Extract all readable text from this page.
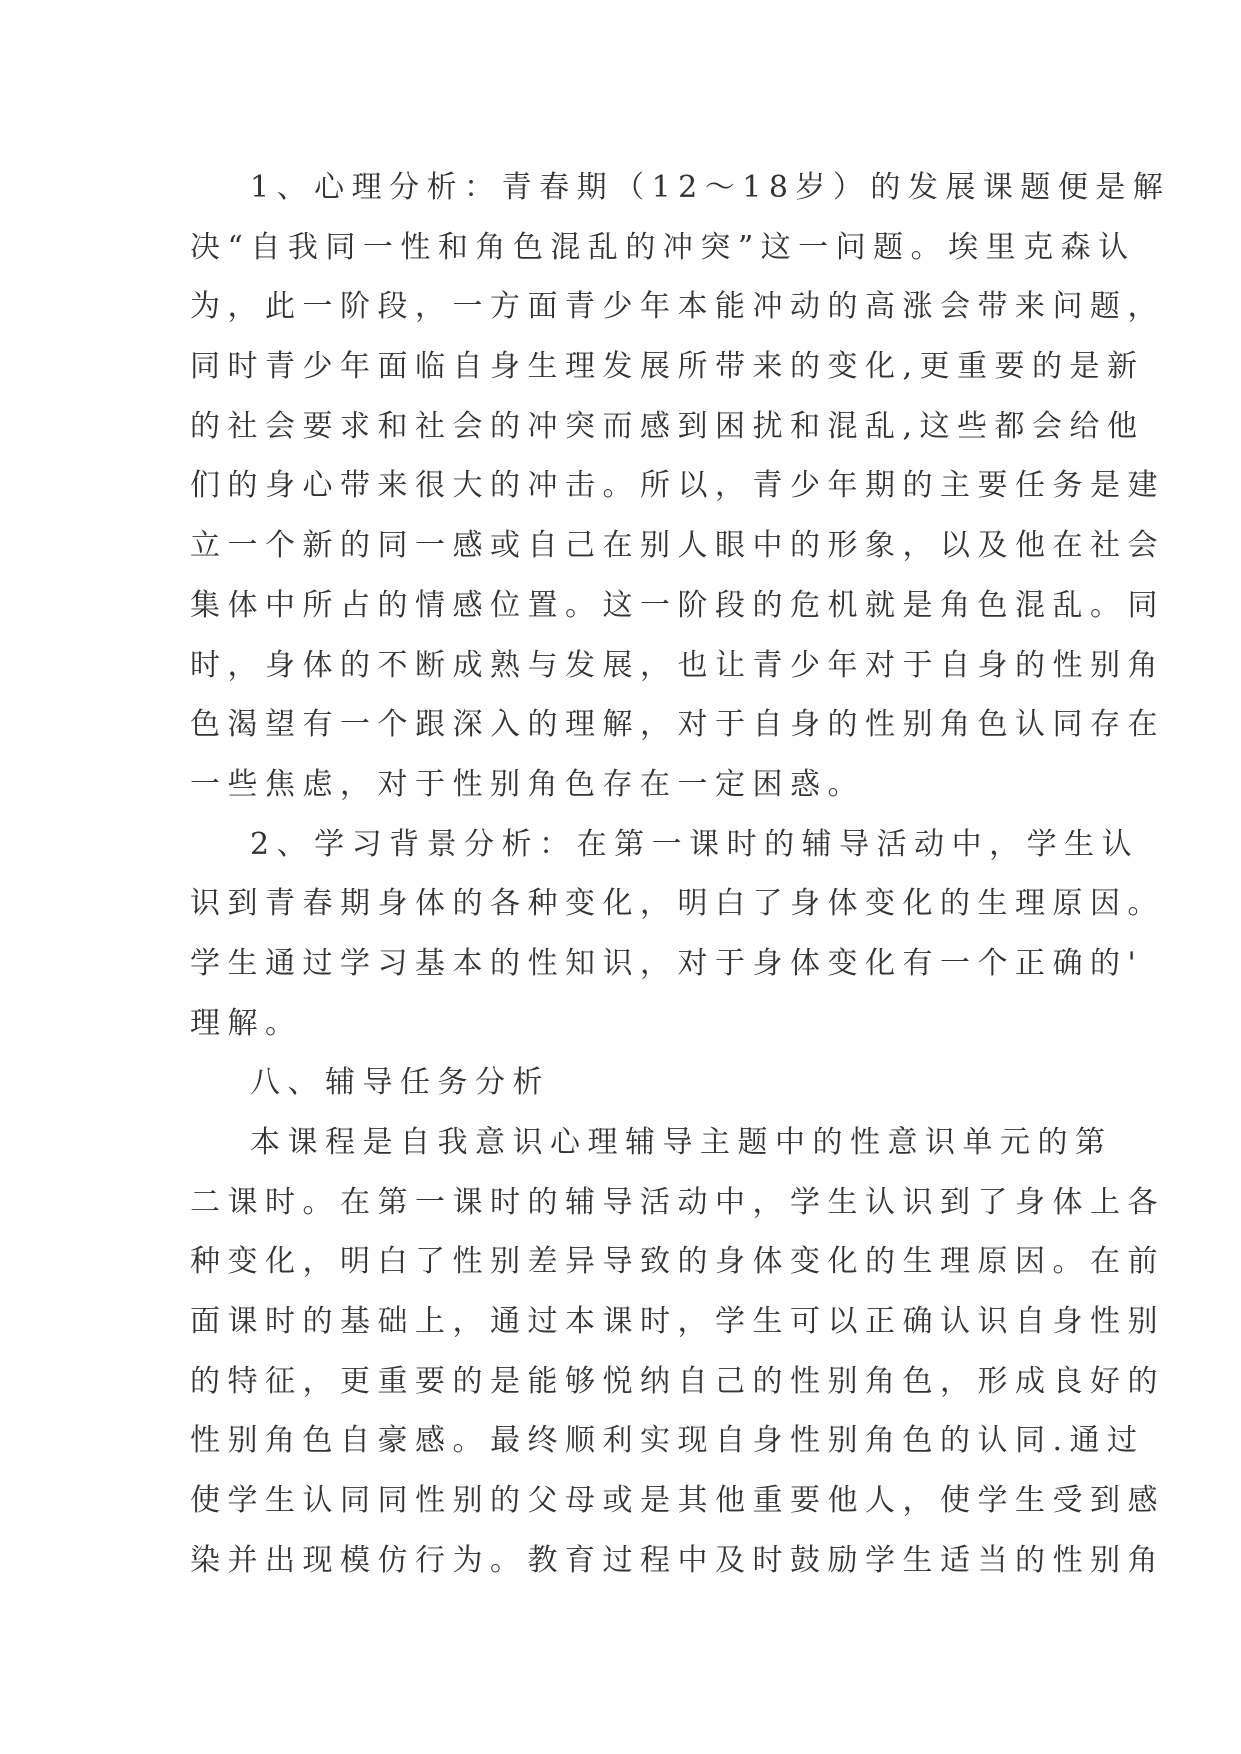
1、心理分析：青春期（12～18岁）的发展课题便是解
决“自我同一性和角色混乱的冲突”这一问题。埃里克森认
为，此一阶段，一方面青少年本能冲动的高涨会带来问题，
同时青少年面临自身生理发展所带来的变化,更重要的是新
的社会要求和社会的冲突而感到困扰和混乱,这些都会给他
们的身心带来很大的冲击。所以，青少年期的主要任务是建
立一个新的同一感或自己在别人眼中的形象，以及他在社会
集体中所占的情感位置。这一阶段的危机就是角色混乱。同
时，身体的不断成熟与发展，也让青少年对于自身的性别角
色渴望有一个跟深入的理解，对于自身的性别角色认同存在
一些焦虑，对于性别角色存在一定困惑。
2、学习背景分析：在第一课时的辅导活动中，学生认
识到青春期身体的各种变化，明白了身体变化的生理原因。
学生通过学习基本的性知识，对于身体变化有一个正确的'
理解。
八、辅导任务分析
本课程是自我意识心理辅导主题中的性意识单元的第
二课时。在第一课时的辅导活动中，学生认识到了身体上各
种变化，明白了性别差异导致的身体变化的生理原因。在前
面课时的基础上，通过本课时，学生可以正确认识自身性别
的特征，更重要的是能够悦纳自己的性别角色，形成良好的
性别角色自豪感。最终顺利实现自身性别角色的认同.通过
使学生认同同性别的父母或是其他重要他人，使学生受到感
染并出现模仿行为。教育过程中及时鼓励学生适当的性别角
